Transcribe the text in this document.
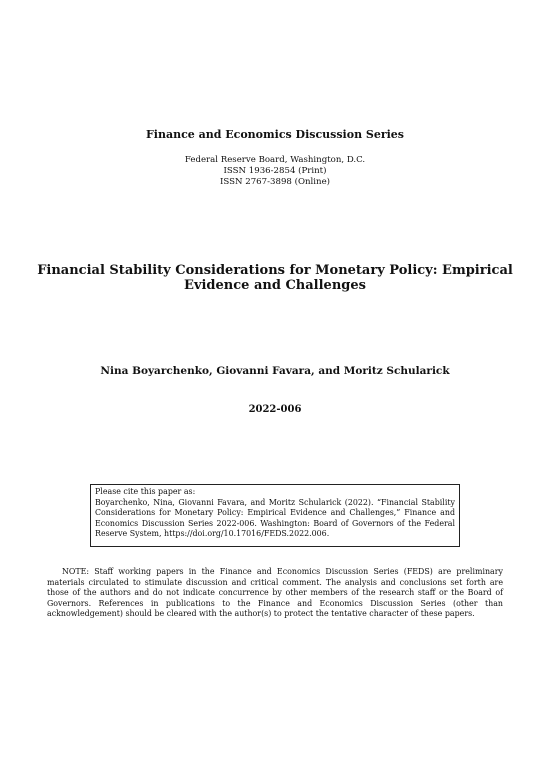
Finance and Economics Discussion Series
Federal Reserve Board, Washington, D.C.
ISSN 1936-2854 (Print)
ISSN 2767-3898 (Online)
Financial Stability Considerations for Monetary Policy: Empirical
Evidence and Challenges
Nina Boyarchenko, Giovanni Favara, and Moritz Schularick
2022-006

Please cite this paper as:

Boyarchenko, Nina, Giovanni Favara, and Moritz Schularick (2022). “Financial Stability Considerations for Monetary Policy: Empirical Evidence and Challenges,” Finance and Economics Discussion Series 2022-006. Washington: Board of Governors of the Federal Reserve System, https://doi.org/10.17016/FEDS.2022.006.

NOTE: Staff working papers in the Finance and Economics Discussion Series (FEDS) are preliminary materials circulated to stimulate discussion and critical comment. The analysis and conclusions set forth are those of the authors and do not indicate concurrence by other members of the research staff or the Board of Governors. References in publications to the Finance and Economics Discussion Series (other than acknowledgement) should be cleared with the author(s) to protect the tentative character of these papers.
